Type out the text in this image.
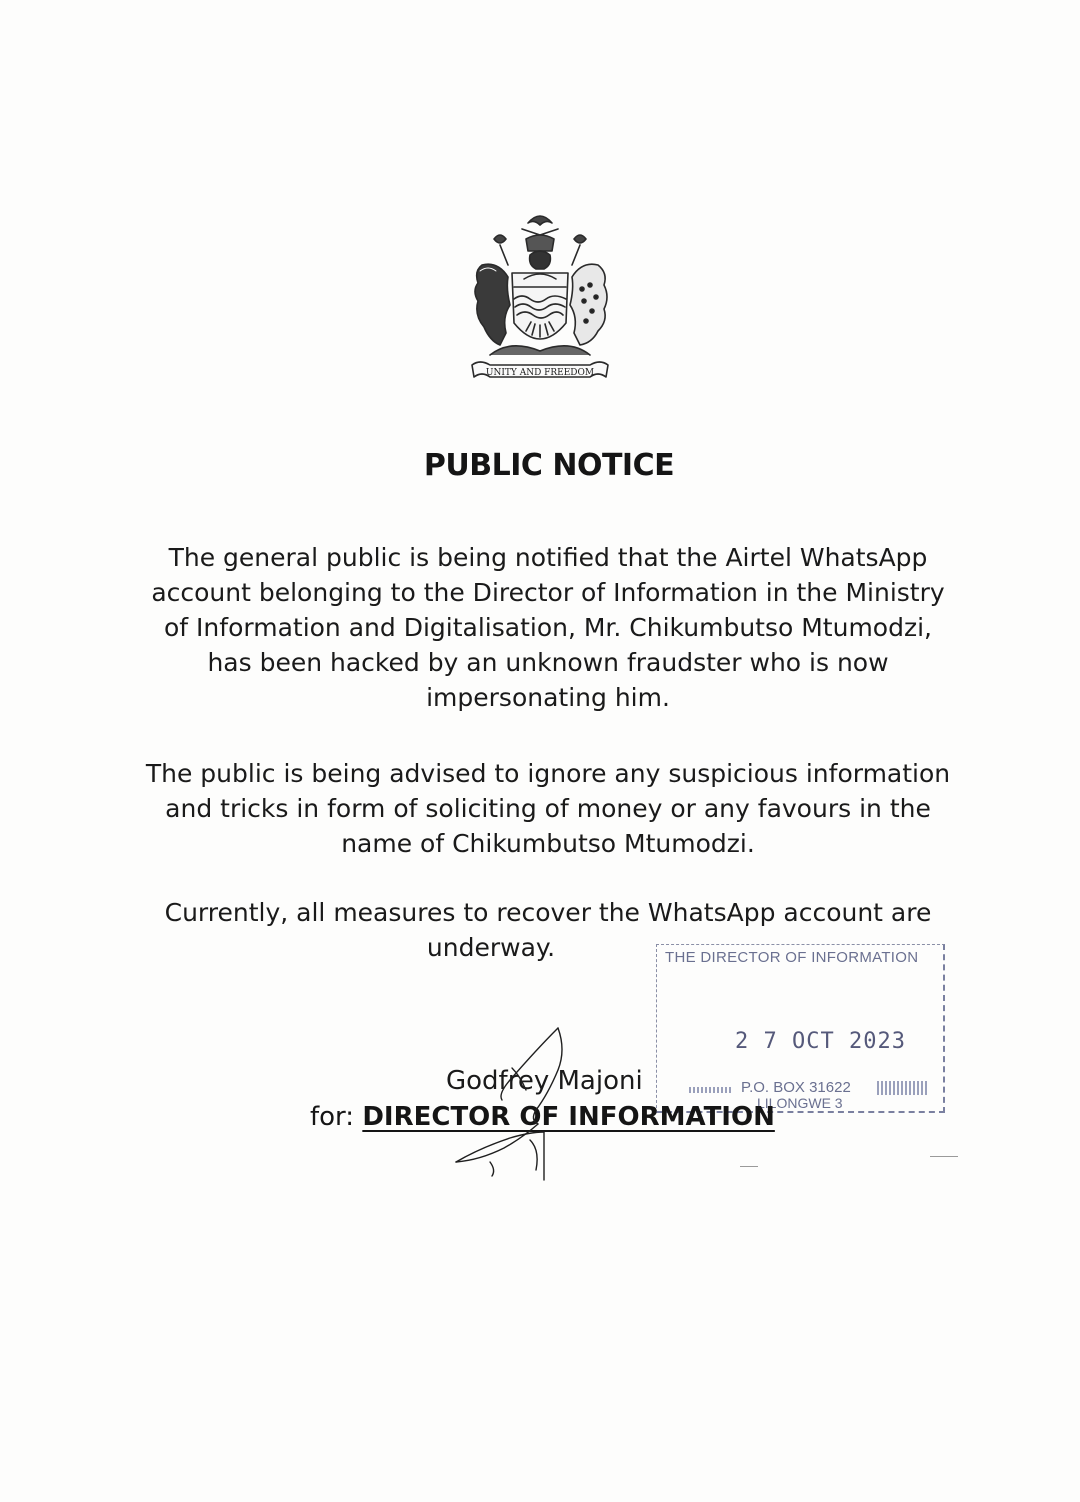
UNITY AND FREEDOM
PUBLIC NOTICE

The general public is being notified that the Airtel WhatsApp

account belonging to the Director of Information in the Ministry

of Information and Digitalisation, Mr. Chikumbutso Mtumodzi,

has been hacked by an unknown fraudster who is now

impersonating him.

The public is being advised to ignore any suspicious information

and tricks in form of soliciting of money or any favours in the

name of Chikumbutso Mtumodzi.

Currently, all measures to recover the WhatsApp account are

underway.	THE DIRECTOR OF INFORMATION
2 7 OCT 2023
P.O. BOX 31622
LILONGWE 3
Godfrey Majoni
for: DIRECTOR OF INFORMATION
